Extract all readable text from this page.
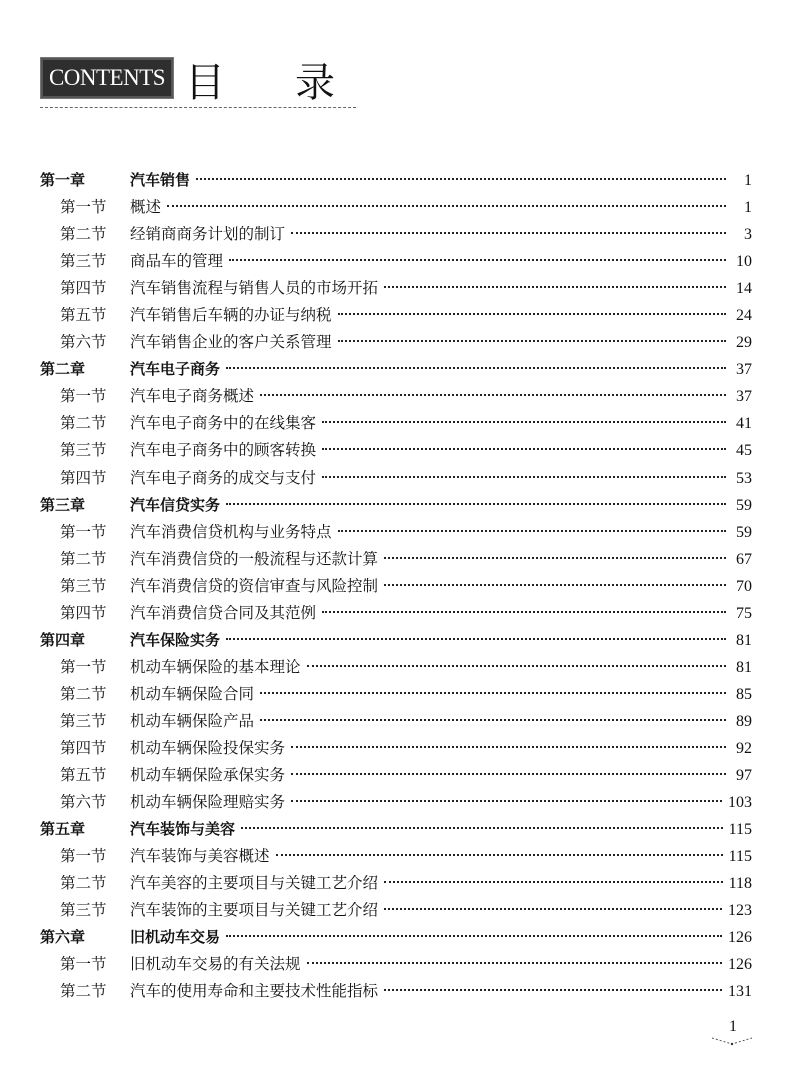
CONTENTS 目录
第一章	汽车销售	1
第一节	概述	1
第二节	经销商商务计划的制订	3
第三节	商品车的管理	10
第四节	汽车销售流程与销售人员的市场开拓	14
第五节	汽车销售后车辆的办证与纳税	24
第六节	汽车销售企业的客户关系管理	29
第二章	汽车电子商务	37
第一节	汽车电子商务概述	37
第二节	汽车电子商务中的在线集客	41
第三节	汽车电子商务中的顾客转换	45
第四节	汽车电子商务的成交与支付	53
第三章	汽车信贷实务	59
第一节	汽车消费信贷机构与业务特点	59
第二节	汽车消费信贷的一般流程与还款计算	67
第三节	汽车消费信贷的资信审查与风险控制	70
第四节	汽车消费信贷合同及其范例	75
第四章	汽车保险实务	81
第一节	机动车辆保险的基本理论	81
第二节	机动车辆保险合同	85
第三节	机动车辆保险产品	89
第四节	机动车辆保险投保实务	92
第五节	机动车辆保险承保实务	97
第六节	机动车辆保险理赔实务	103
第五章	汽车装饰与美容	115
第一节	汽车装饰与美容概述	115
第二节	汽车美容的主要项目与关键工艺介绍	118
第三节	汽车装饰的主要项目与关键工艺介绍	123
第六章	旧机动车交易	126
第一节	旧机动车交易的有关法规	126
第二节	汽车的使用寿命和主要技术性能指标	131
1
